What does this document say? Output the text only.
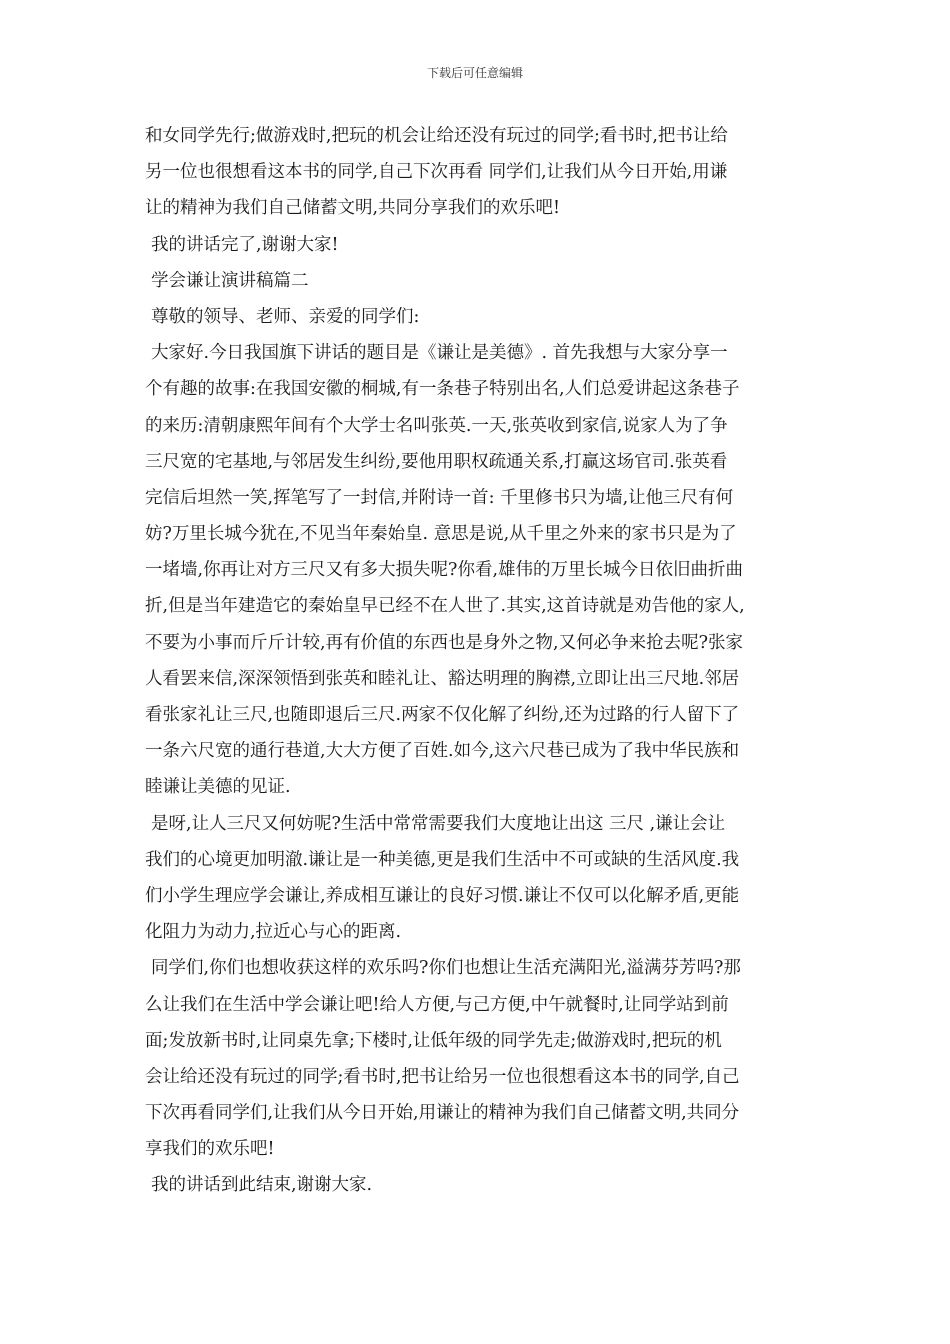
下载后可任意编辑
和女同学先行;做游戏时,把玩的机会让给还没有玩过的同学;看书时,把书让给
另一位也很想看这本书的同学,自己下次再看 同学们,让我们从今日开始,用谦
让的精神为我们自己储蓄文明,共同分享我们的欢乐吧!
我的讲话完了,谢谢大家!
学会谦让演讲稿篇二
尊敬的领导、老师、亲爱的同学们:
大家好.今日我国旗下讲话的题目是《谦让是美德》. 首先我想与大家分享一
个有趣的故事:在我国安徽的桐城,有一条巷子特别出名,人们总爱讲起这条巷子
的来历:清朝康熙年间有个大学士名叫张英.一天,张英收到家信,说家人为了争
三尺宽的宅基地,与邻居发生纠纷,要他用职权疏通关系,打赢这场官司.张英看
完信后坦然一笑,挥笔写了一封信,并附诗一首: 千里修书只为墙,让他三尺有何
妨?万里长城今犹在,不见当年秦始皇. 意思是说,从千里之外来的家书只是为了
一堵墙,你再让对方三尺又有多大损失呢?你看,雄伟的万里长城今日依旧曲折曲
折,但是当年建造它的秦始皇早已经不在人世了.其实,这首诗就是劝告他的家人,
不要为小事而斤斤计较,再有价值的东西也是身外之物,又何必争来抢去呢?张家
人看罢来信,深深领悟到张英和睦礼让、豁达明理的胸襟,立即让出三尺地.邻居
看张家礼让三尺,也随即退后三尺.两家不仅化解了纠纷,还为过路的行人留下了
一条六尺宽的通行巷道,大大方便了百姓.如今,这六尺巷已成为了我中华民族和
睦谦让美德的见证.
是呀,让人三尺又何妨呢?生活中常常需要我们大度地让出这 三尺 ,谦让会让
我们的心境更加明澈.谦让是一种美德,更是我们生活中不可或缺的生活风度.我
们小学生理应学会谦让,养成相互谦让的良好习惯.谦让不仅可以化解矛盾,更能
化阻力为动力,拉近心与心的距离.
同学们,你们也想收获这样的欢乐吗?你们也想让生活充满阳光,溢满芬芳吗?那
么让我们在生活中学会谦让吧!给人方便,与己方便,中午就餐时,让同学站到前
面;发放新书时,让同桌先拿;下楼时,让低年级的同学先走;做游戏时,把玩的机
会让给还没有玩过的同学;看书时,把书让给另一位也很想看这本书的同学,自己
下次再看同学们,让我们从今日开始,用谦让的精神为我们自己储蓄文明,共同分
享我们的欢乐吧!
我的讲话到此结束,谢谢大家.
